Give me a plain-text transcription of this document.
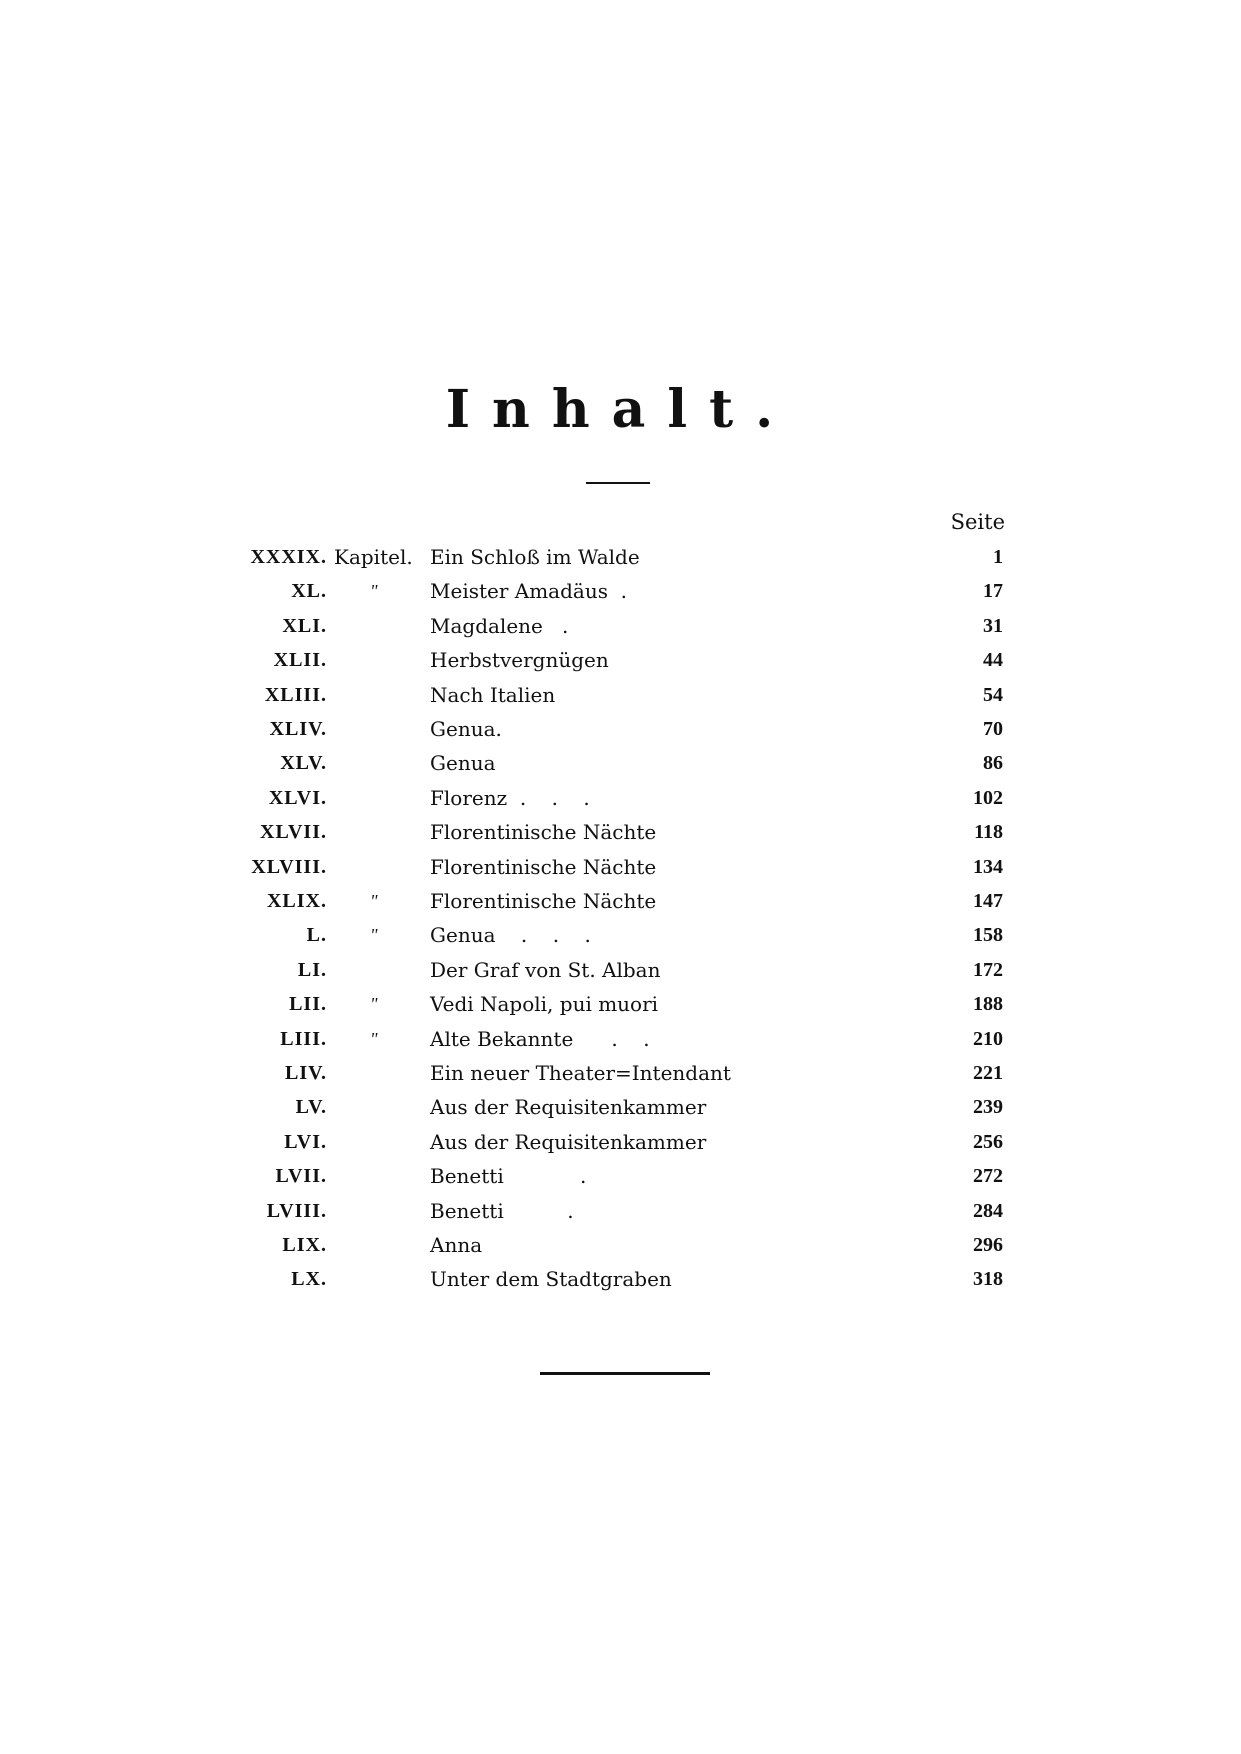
Inhalt.
Seite
XXXIX. Kapitel. Ein Schloß im Walde	1
XL. "	Meister Amadäus  .	17
XLI.	Magdalene   .	31
XLII.	Herbstvergnügen	44
XLIII.	Nach Italien	54
XLIV.	Genua.	70
XLV.	Genua	86
XLVI.	Florenz  .    .    .	102
XLVII.	Florentinische Nächte	118
XLVIII.	Florentinische Nächte	134
XLIX. "	Florentinische Nächte	147
L. "	Genua    .    .    .	158
LI.	Der Graf von St. Alban	172
LII. "	Vedi Napoli, pui muori	188
LIII. "	Alte Bekannte      .    .	210
LIV.	Ein neuer Theater=Intendant	221
LV.	Aus der Requisitenkammer	239
LVI.	Aus der Requisitenkammer	256
LVII.	Benetti            .	272
LVIII.	Benetti          .	284
LIX.	Anna	296
LX.	Unter dem Stadtgraben	318
